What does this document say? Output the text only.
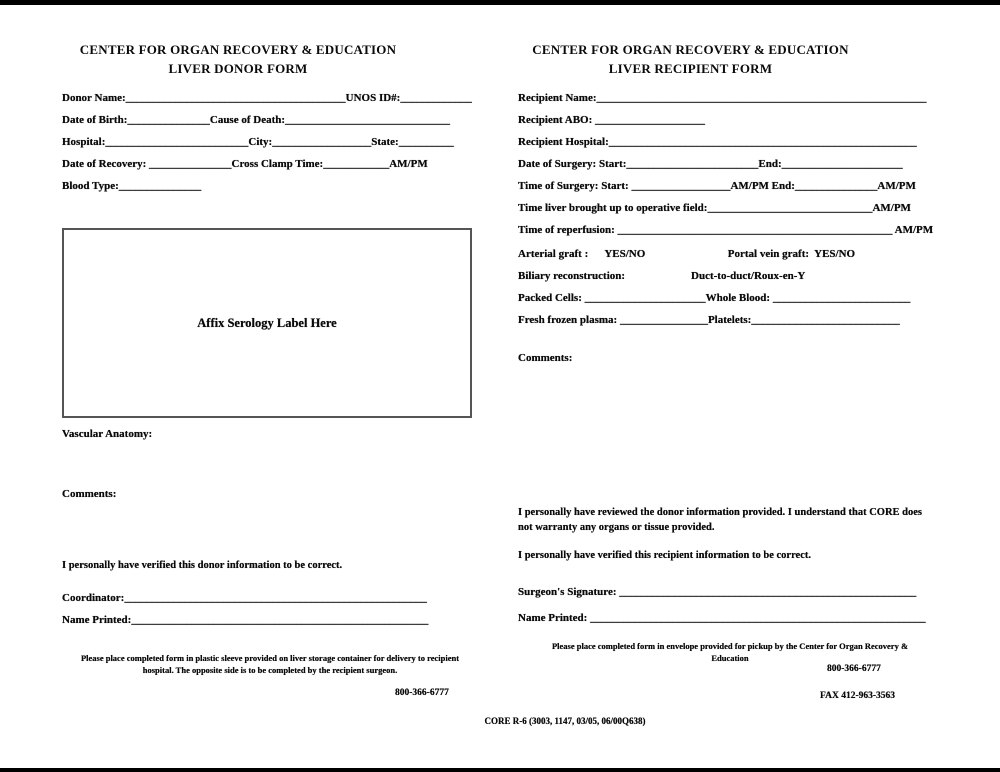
CENTER FOR ORGAN RECOVERY & EDUCATION
LIVER DONOR FORM
Donor Name:________________________________________UNOS ID#:_____________
Date of Birth:_______________Cause of Death:______________________________
Hospital:__________________________City:__________________State:__________
Date of Recovery: _______________Cross Clamp Time:____________AM/PM
Blood Type:_______________
Affix Serology Label Here
Vascular Anatomy:
Comments:
I personally have verified this donor information to be correct.
Coordinator:_______________________________________________________
Name Printed:______________________________________________________
Please place completed form in plastic sleeve provided on liver storage container for delivery to recipient hospital. The opposite side is to be completed by the recipient surgeon.
800-366-6777
CENTER FOR ORGAN RECOVERY & EDUCATION
LIVER RECIPIENT FORM
Recipient Name:____________________________________________________________
Recipient ABO: ____________________
Recipient Hospital:________________________________________________________
Date of Surgery: Start:________________________End:______________________
Time of Surgery: Start: __________________AM/PM End:_______________AM/PM
Time liver brought up to operative field:______________________________AM/PM
Time of reperfusion: __________________________________________________ AM/PM
Arterial graft :      YES/NO                              Portal vein graft:  YES/NO
Biliary reconstruction:                        Duct-to-duct/Roux-en-Y
Packed Cells: ______________________Whole Blood: _________________________
Fresh frozen plasma: ________________Platelets:___________________________
Comments:
I personally have reviewed the donor information provided. I understand that CORE does not warranty any organs or tissue provided.
I personally have verified this recipient information to be correct.
Surgeon's Signature: ______________________________________________________
Name Printed: _____________________________________________________________
Please place completed form in envelope provided for pickup by the Center for Organ Recovery & Education
800-366-6777
FAX 412-963-3563
CORE R-6 (3003, 1147, 03/05, 06/00Q638)
